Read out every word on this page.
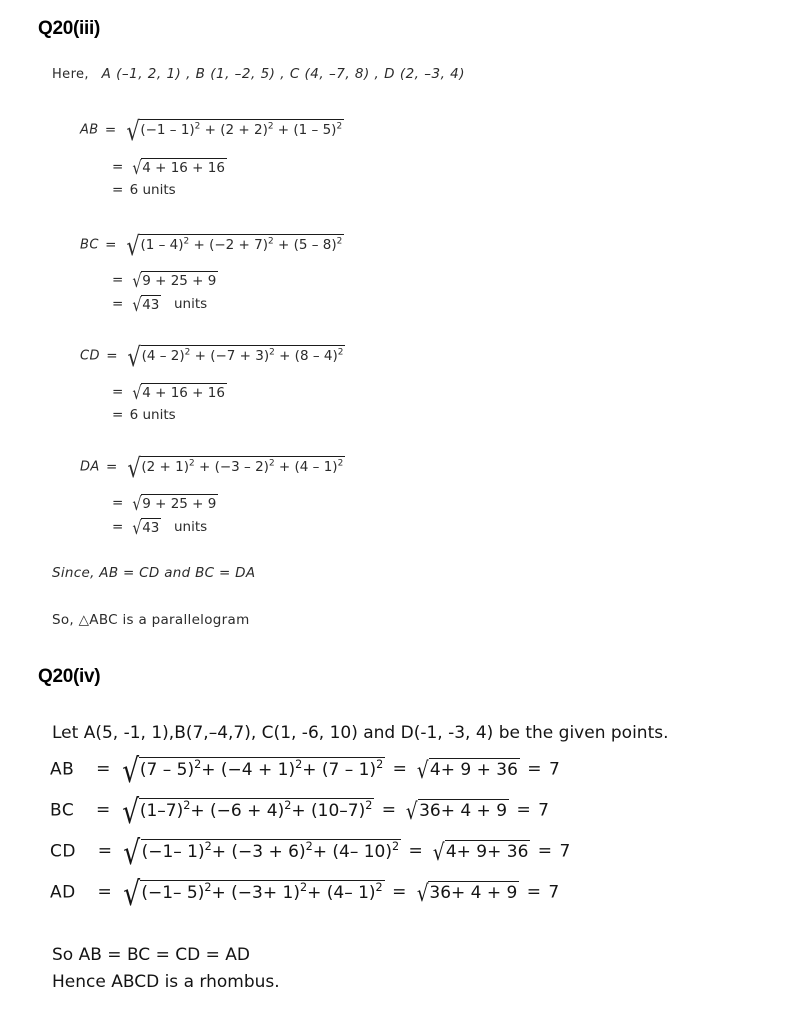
Q20(iii)
Here, A (–1, 2, 1) , B (1, –2, 5) , C (4, –7, 8) , D (2, –3, 4)
AB = $√(-1 - 1)^2 + (2 + 2)^2 + (1 - 5)^2$
= √4 + 16 + 16
= 6 units
BC = $√(1 - 4)^2 + (-2 + 7)^2 + (5 - 8)^2$
= √9 + 25 + 9
= √43 units
CD = $√(4 - 2)^2 + (-7 + 3)^2 + (8 - 4)^2$
= √4 + 16 + 16
= 6 units
DA = $√(2 + 1)^2 + (-3 - 2)^2 + (4 - 1)^2$
= √9 + 25 + 9
= √43 units
Since, AB = CD and BC = DA
So, △ABC is a parallelogram
Q20(iv)
Let A(5, -1, 1),B(7,–4,7), C(1, -6, 10) and D(-1, -3, 4) be the given points.
AB = $√(7 - 5)^2+ (-4 + 1)^2+ (7 - 1)^2 = √4+ 9 + 36 = 7$
BC = $√(1-7)^2+ (-6 + 4)^2+ (10-7)^2 = √36+ 4 + 9 = 7$
CD = √(−1– $1)^2+ (-3 + 6)^2+ (4-$ 10)$^2$ = √4+ 9+ 36 = 7
AD = √(−1– $5)^2+ (-3+ 1)^2+ (4-$ 1)$^2$ = √36+ 4 + 9 = 7
So AB = BC = CD = AD
Hence ABCD is a rhombus.
